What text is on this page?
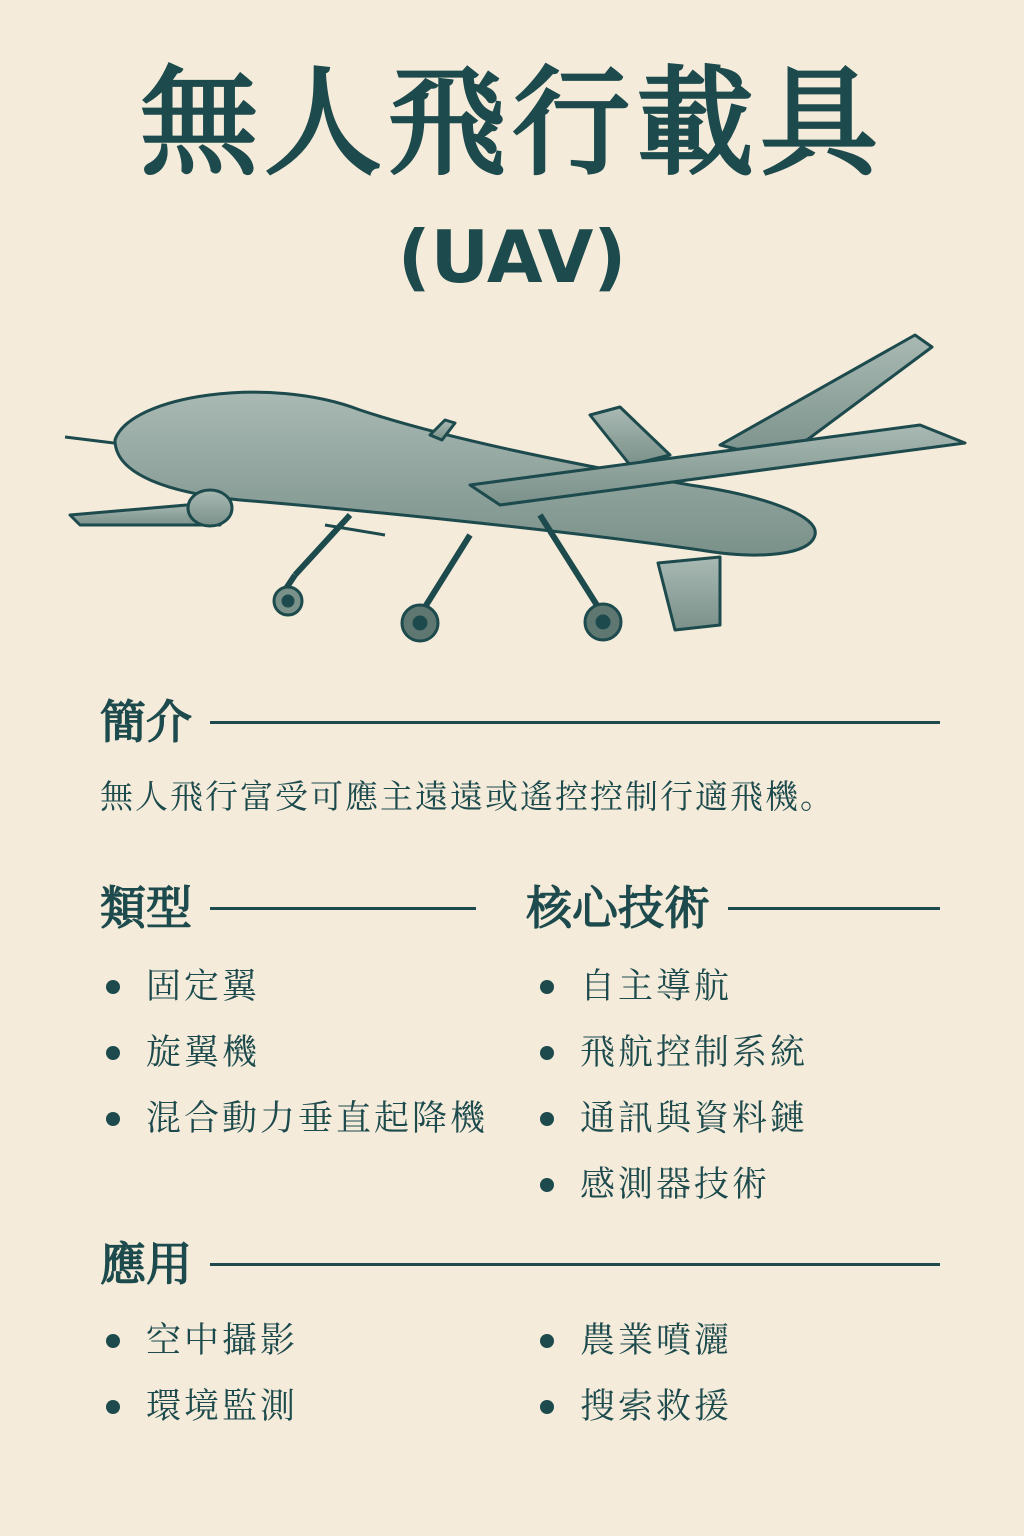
無人飛行載具
(UAV)
簡介
無人飛行富受可應主遠遠或遙控控制行適飛機。
類型
固定翼
旋翼機
混合動力垂直起降機
核心技術
自主導航
飛航控制系統
通訊與資料鏈
感測器技術
應用
空中攝影
環境監測
農業噴灑
搜索救援
